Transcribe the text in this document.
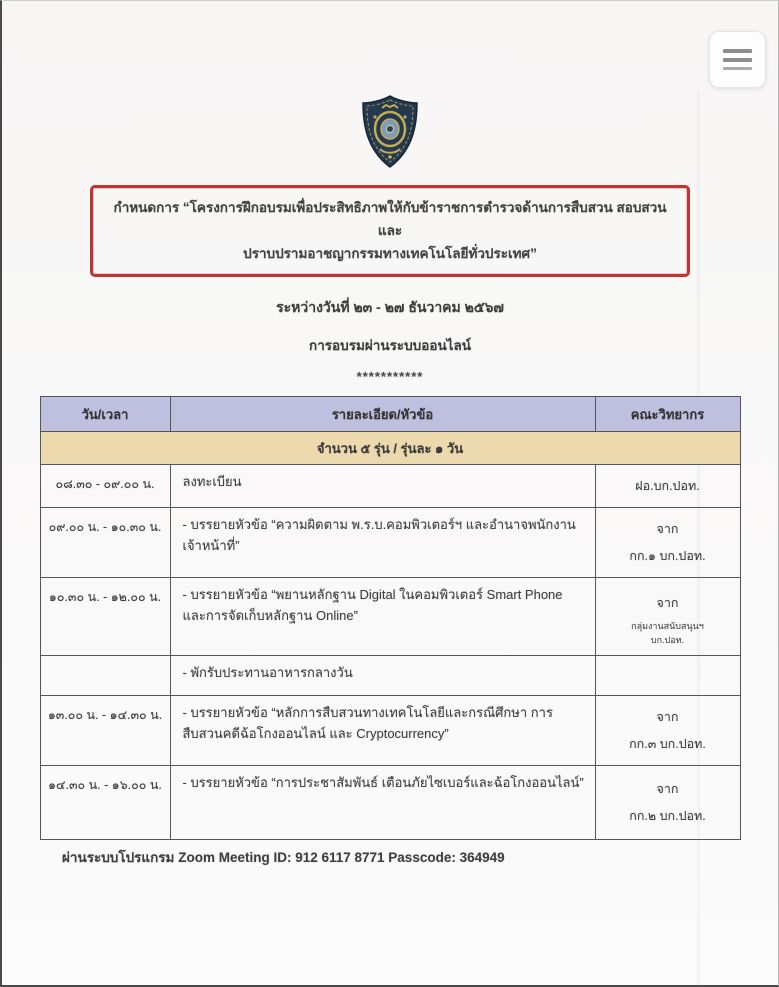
กำหนดการ “โครงการฝึกอบรมเพื่อประสิทธิภาพให้กับข้าราชการตำรวจด้านการสืบสวน สอบสวนและ
ปราบปรามอาชญากรรมทางเทคโนโลยีทั่วประเทศ”
ระหว่างวันที่ ๒๓ - ๒๗ ธันวาคม ๒๕๖๗
การอบรมผ่านระบบออนไลน์
***********
วัน/เวลา	รายละเอียด/หัวข้อ	คณะวิทยากร
จำนวน ๕ รุ่น / รุ่นละ ๑ วัน		
๐๘.๓๐ - ๐๙.๐๐ น.	ลงทะเบียน	ฝอ.บก.ปอท.

๐๙.๐๐ น. - ๑๐.๓๐ น.	- บรรยายหัวข้อ “ความผิดตาม พ.ร.บ.คอมพิวเตอร์ฯ และอำนาจพนักงานเจ้าหน้าที่”	จาก
กก.๑ บก.ปอท.

๑๐.๓๐ น. - ๑๒.๐๐ น.	- บรรยายหัวข้อ “พยานหลักฐาน Digital ในคอมพิวเตอร์ Smart Phone และการจัดเก็บหลักฐาน Online”	จาก
กลุ่มงานสนับสนุนฯ
บก.ปอท.

	- พักรับประทานอาหารกลางวัน	
๑๓.๐๐ น. - ๑๔.๓๐ น.	- บรรยายหัวข้อ “หลักการสืบสวนทางเทคโนโลยีและกรณีศึกษา การสืบสวนคดีฉ้อโกงออนไลน์ และ Cryptocurrency”	จาก
กก.๓ บก.ปอท.

๑๔.๓๐ น. - ๑๖.๐๐ น.	- บรรยายหัวข้อ “การประชาสัมพันธ์ เตือนภัยไซเบอร์และฉ้อโกงออนไลน์”	จาก
กก.๒ บก.ปอท.
ผ่านระบบโปรแกรม Zoom Meeting ID: 912 6117 8771 Passcode: 364949
